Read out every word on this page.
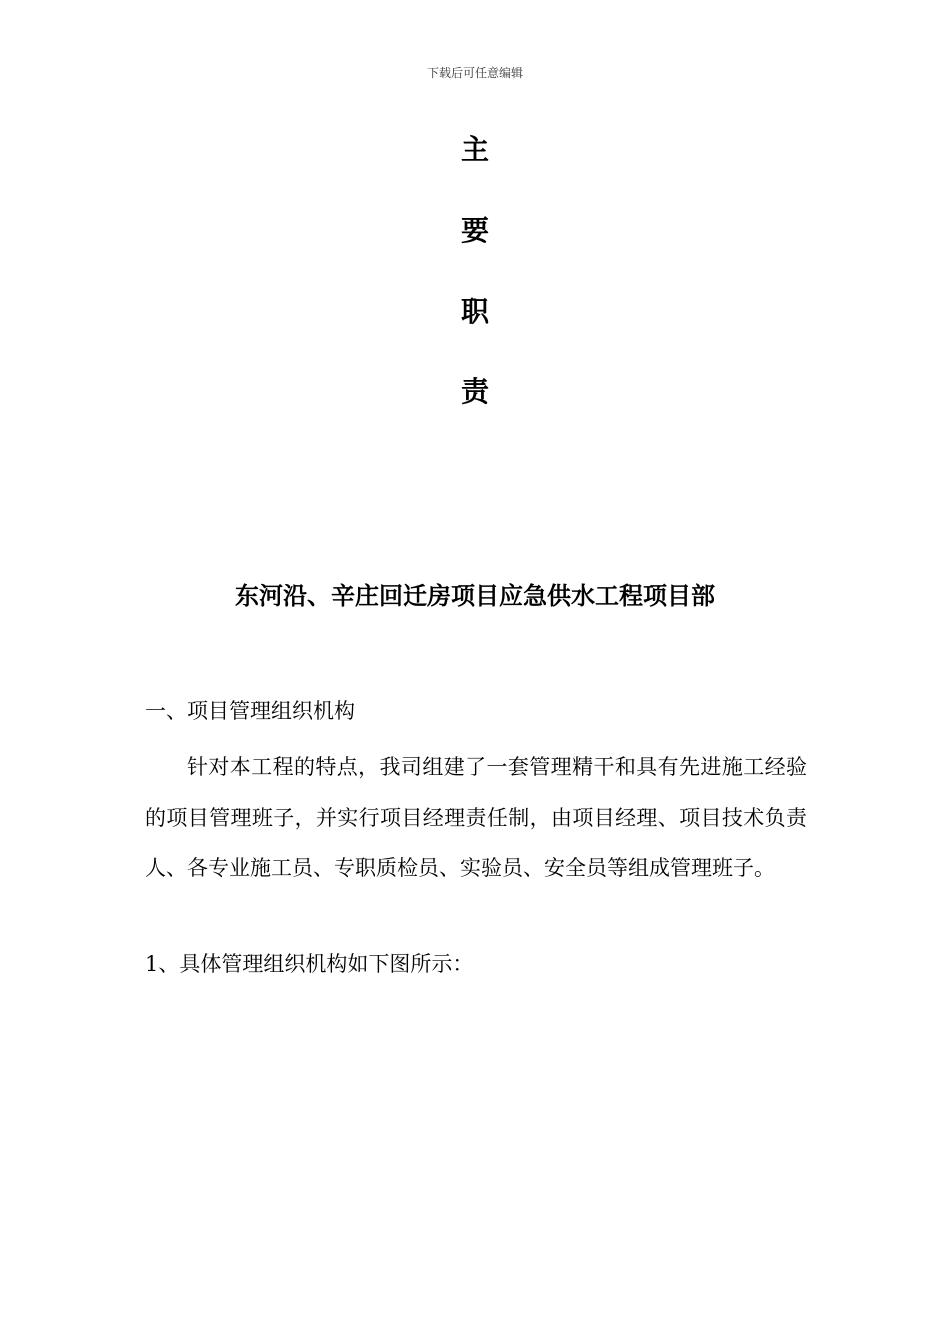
下载后可任意编辑
主
要
职
责
东河沿、辛庄回迁房项目应急供水工程项目部
一、项目管理组织机构

针对本工程的特点，我司组建了一套管理精干和具有先进施工经验的项目管理班子，并实行项目经理责任制，由项目经理、项目技术负责人、各专业施工员、专职质检员、实验员、安全员等组成管理班子。

1、具体管理组织机构如下图所示：
